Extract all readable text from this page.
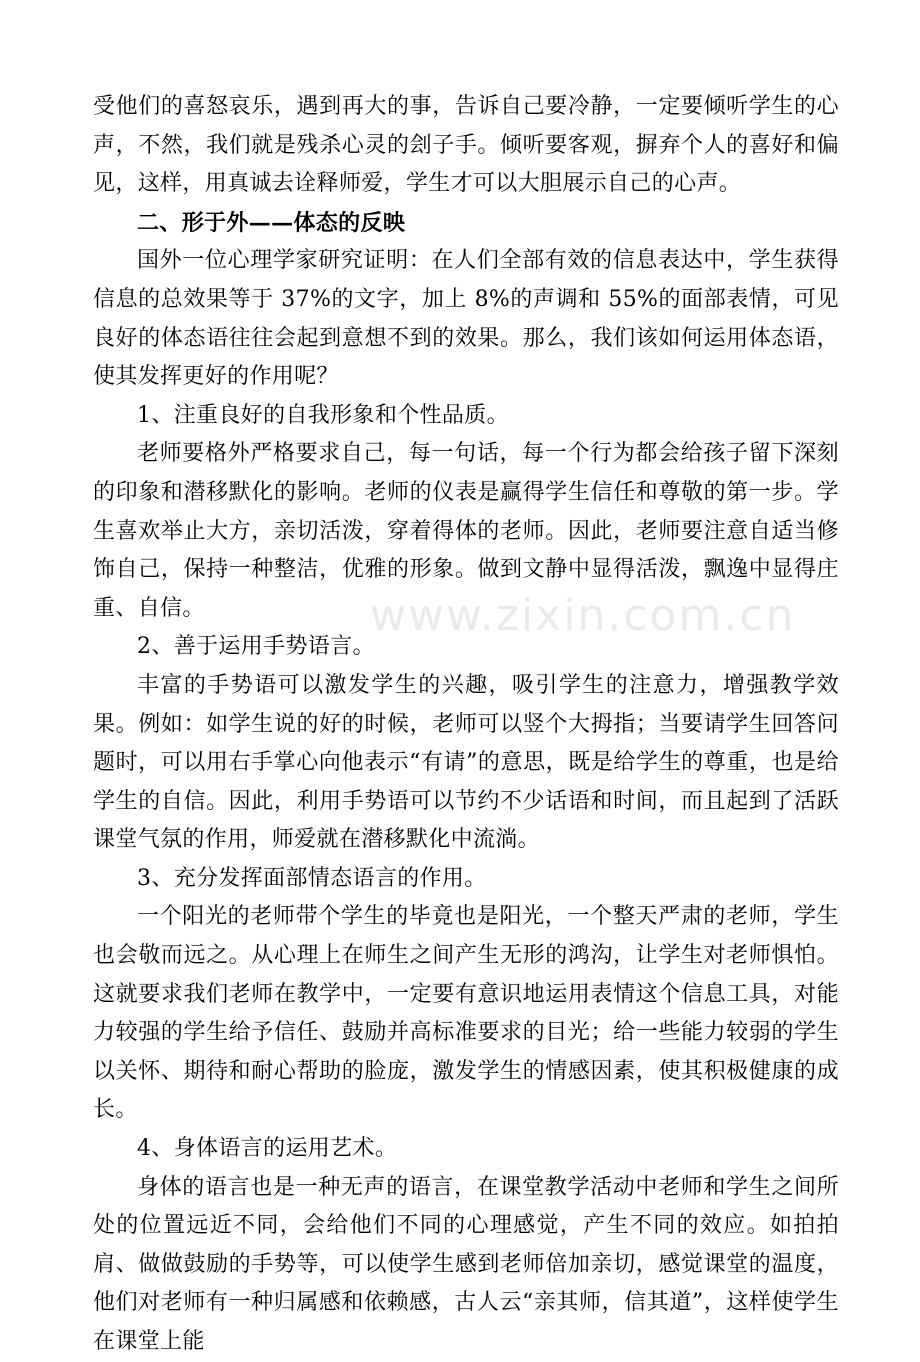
受他们的喜怒哀乐，遇到再大的事，告诉自己要冷静，一定要倾听学生的心声，不然，我们就是残杀心灵的刽子手。倾听要客观，摒弃个人的喜好和偏见，这样，用真诚去诠释师爱，学生才可以大胆展示自己的心声。

二、形于外——体态的反映

国外一位心理学家研究证明：在人们全部有效的信息表达中，学生获得信息的总效果等于 37%的文字，加上 8%的声调和 55%的面部表情，可见良好的体态语往往会起到意想不到的效果。那么，我们该如何运用体态语，使其发挥更好的作用呢？

1、注重良好的自我形象和个性品质。

老师要格外严格要求自己，每一句话，每一个行为都会给孩子留下深刻的印象和潜移默化的影响。老师的仪表是赢得学生信任和尊敬的第一步。学生喜欢举止大方，亲切活泼，穿着得体的老师。因此，老师要注意自适当修饰自己，保持一种整洁，优雅的形象。做到文静中显得活泼，飘逸中显得庄重、自信。

2、善于运用手势语言。

丰富的手势语可以激发学生的兴趣，吸引学生的注意力，增强教学效果。例如：如学生说的好的时候，老师可以竖个大拇指；当要请学生回答问题时，可以用右手掌心向他表示“有请”的意思，既是给学生的尊重，也是给学生的自信。因此，利用手势语可以节约不少话语和时间，而且起到了活跃课堂气氛的作用，师爱就在潜移默化中流淌。

3、充分发挥面部情态语言的作用。

一个阳光的老师带个学生的毕竟也是阳光，一个整天严肃的老师，学生也会敬而远之。从心理上在师生之间产生无形的鸿沟，让学生对老师惧怕。这就要求我们老师在教学中，一定要有意识地运用表情这个信息工具，对能力较强的学生给予信任、鼓励并高标准要求的目光；给一些能力较弱的学生以关怀、期待和耐心帮助的脸庞，激发学生的情感因素，使其积极健康的成长。

4、身体语言的运用艺术。

身体的语言也是一种无声的语言，在课堂教学活动中老师和学生之间所处的位置远近不同，会给他们不同的心理感觉，产生不同的效应。如拍拍肩、做做鼓励的手势等，可以使学生感到老师倍加亲切，感觉课堂的温度，他们对老师有一种归属感和依赖感，古人云“亲其师，信其道”，这样使学生在课堂上能

www.zixin.com.cn
